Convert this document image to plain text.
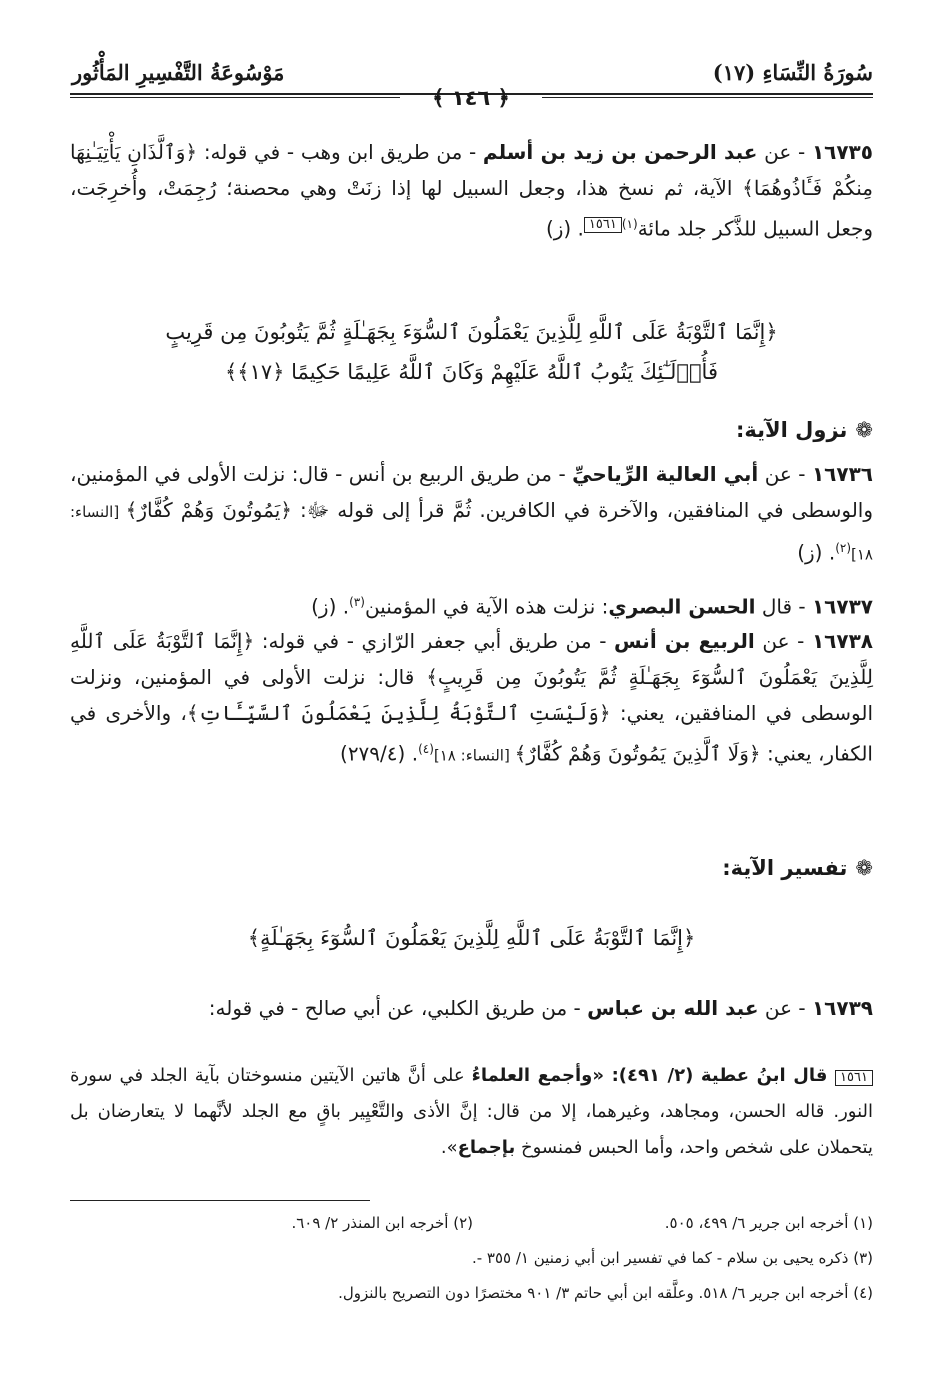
سُورَةُ النِّسَاءِ (١٧)
مَوْسُوعَةُ التَّفْسِيرِ المَأْثُور
﴿ ١٤٦ ﴾

١٦٧٣٥ - عن عبد الرحمن بن زيد بن أسلم - من طريق ابن وهب - في قوله: ﴿وَٱلَّذَانِ يَأْتِيَـٰنِهَا مِنكُمْ فَـَٔاذُوهُمَا﴾ الآية، ثم نسخ هذا، وجعل السبيل لها إذا زنَتْ وهي محصنة؛ رُجِمَتْ، وأُخرِجَت، وجعل السبيل للذَّكر جلد مائة$^{(١)}$١٥٦١. (ز)

﴿إِنَّمَا ٱلتَّوْبَةُ عَلَى ٱللَّهِ لِلَّذِينَ يَعْمَلُونَ ٱلسُّوٓءَ بِجَهَـٰلَةٍ ثُمَّ يَتُوبُونَ مِن قَرِيبٍ
فَأُو۟لَـٰٓئِكَ يَتُوبُ ٱللَّهُ عَلَيْهِمْ وَكَانَ ٱللَّهُ عَلِيمًا حَكِيمًا ﴿١٧﴾﴾
❁نزول الآية:

١٦٧٣٦ - عن أبي العالية الرِّياحيِّ - من طريق الربيع بن أنس - قال: نزلت الأولى في المؤمنين، والوسطى في المنافقين، والآخرة في الكافرين. ثُمَّ قرأ إلى قوله ﷻ: ﴿يَمُوتُونَ وَهُمْ كُفَّارٌ﴾ [النساء: ١٨]$^{(٢)}$. (ز)

١٦٧٣٧ - قال الحسن البصري: نزلت هذه الآية في المؤمنين$^{(٣)}$. (ز)

١٦٧٣٨ - عن الربيع بن أنس - من طريق أبي جعفر الرّازي - في قوله: ﴿إِنَّمَا ٱلتَّوْبَةُ عَلَى ٱللَّهِ لِلَّذِينَ يَعْمَلُونَ ٱلسُّوٓءَ بِجَهَـٰلَةٍ ثُمَّ يَتُوبُونَ مِن قَرِيبٍ﴾ قال: نزلت الأولى في المؤمنين، ونزلت الوسطى في المنافقين، يعني: ﴿وَلَيْسَتِ ٱلتَّوْبَةُ لِلَّذِينَ يَعْمَلُونَ ٱلسَّيِّـَٔاتِ﴾، والأخرى في الكفار، يعني: ﴿وَلَا ٱلَّذِينَ يَمُوتُونَ وَهُمْ كُفَّارٌ﴾ [النساء: ١٨]$^{(٤)}$. (٢٧٩/٤)

❁تفسير الآية:
﴿إِنَّمَا ٱلتَّوْبَةُ عَلَى ٱللَّهِ لِلَّذِينَ يَعْمَلُونَ ٱلسُّوٓءَ بِجَهَـٰلَةٍ﴾

١٦٧٣٩ - عن عبد الله بن عباس - من طريق الكلبي، عن أبي صالح - في قوله:

١٥٦١ قال ابنُ عطية (٢/ ٤٩١): «وأجمع العلماءُ على أنَّ هاتين الآيتين منسوختان بآية الجلد في سورة النور. قاله الحسن، ومجاهد، وغيرهما، إلا من قال: إنَّ الأذى والتَّعْيِير باقٍ مع الجلد لأنَّهما لا يتعارضان بل يتحملان على شخص واحد، وأما الحبس فمنسوخ بإجماع».
(١) أخرجه ابن جرير ٦/ ٤٩٩، ٥٠٥.
(٢) أخرجه ابن المنذر ٢/ ٦٠٩.
(٣) ذكره يحيى بن سلام - كما في تفسير ابن أبي زمنين ١/ ٣٥٥ -.
(٤) أخرجه ابن جرير ٦/ ٥١٨. وعلَّقه ابن أبي حاتم ٣/ ٩٠١ مختصرًا دون التصريح بالنزول.
